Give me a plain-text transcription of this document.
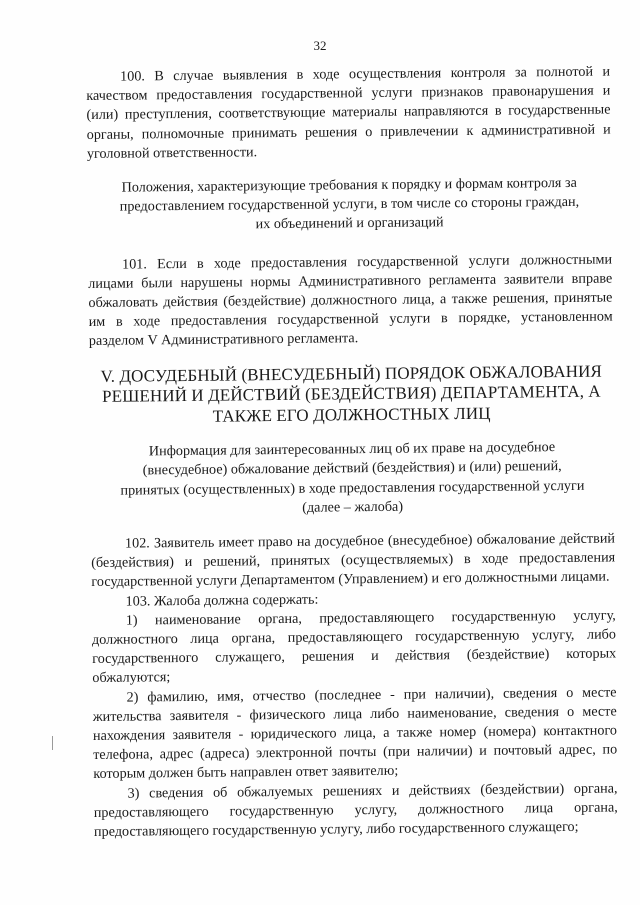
32

100. В случае выявления в ходе осуществления контроля за полнотой и качеством предоставления государственной услуги признаков правонарушения и (или) преступления, соответствующие материалы направляются в государственные органы, полномочные принимать решения о привлечении к административной и уголовной ответственности.

Положения, характеризующие требования к порядку и формам контроля за предоставлением государственной услуги, в том числе со стороны граждан, их объединений и организаций

101. Если в ходе предоставления государственной услуги должностными лицами были нарушены нормы Административного регламента заявители вправе обжаловать действия (бездействие) должностного лица, а также решения, принятые им в ходе предоставления государственной услуги в порядке, установленном разделом V Административного регламента.

V. ДОСУДЕБНЫЙ (ВНЕСУДЕБНЫЙ) ПОРЯДОК ОБЖАЛОВАНИЯ РЕШЕНИЙ И ДЕЙСТВИЙ (БЕЗДЕЙСТВИЯ) ДЕПАРТАМЕНТА, А ТАКЖЕ ЕГО ДОЛЖНОСТНЫХ ЛИЦ

Информация для заинтересованных лиц об их праве на досудебное (внесудебное) обжалование действий (бездействия) и (или) решений, принятых (осуществленных) в ходе предоставления государственной услуги (далее – жалоба)

102. Заявитель имеет право на досудебное (внесудебное) обжалование действий (бездействия) и решений, принятых (осуществляемых) в ходе предоставления государственной услуги Департаментом (Управлением) и его должностными лицами.

103. Жалоба должна содержать:

1) наименование органа, предоставляющего государственную услугу, должностного лица органа, предоставляющего государственную услугу, либо государственного служащего, решения и действия (бездействие) которых обжалуются;

2) фамилию, имя, отчество (последнее - при наличии), сведения о месте жительства заявителя - физического лица либо наименование, сведения о месте нахождения заявителя - юридического лица, а также номер (номера) контактного телефона, адрес (адреса) электронной почты (при наличии) и почтовый адрес, по которым должен быть направлен ответ заявителю;

3) сведения об обжалуемых решениях и действиях (бездействии) органа, предоставляющего государственную услугу, должностного лица органа, предоставляющего государственную услугу, либо государственного служащего;
